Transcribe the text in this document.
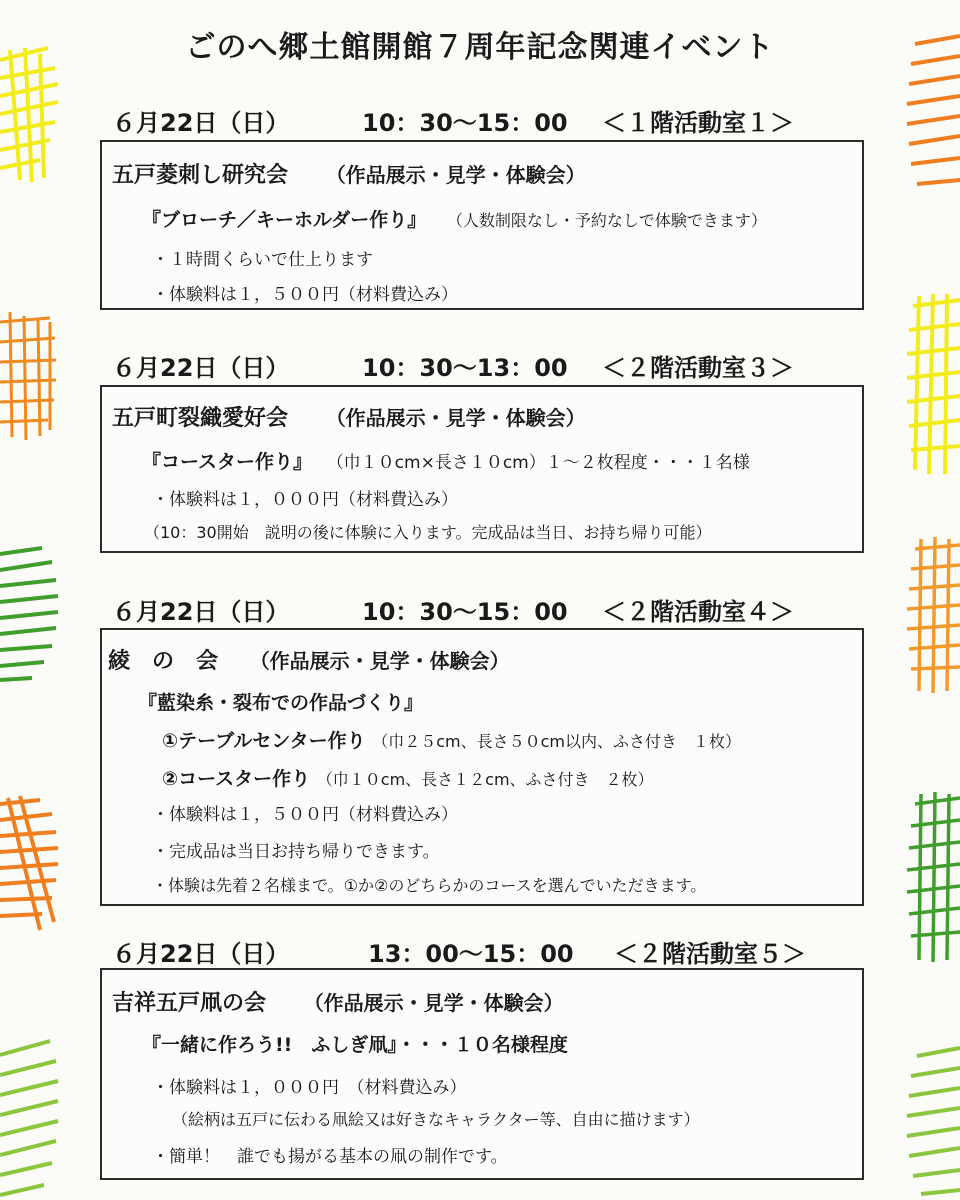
ごのへ郷土館開館７周年記念関連イベント
６月22日（日）	10：30〜15：00 ＜１階活動室１＞
五戸菱刺し研究会 （作品展示・見学・体験会）
『ブローチ／キーホルダー作り』 （人数制限なし・予約なしで体験できます）
・１時間くらいで仕上ります
・体験料は１，５００円（材料費込み）
６月22日（日）	10：30〜13：00 ＜２階活動室３＞
五戸町裂織愛好会 （作品展示・見学・体験会）
『コースター作り』 （巾１０cm×長さ１０cm）１〜２枚程度・・・１名様
・体験料は１，０００円（材料費込み）
（10：30開始　説明の後に体験に入ります。完成品は当日、お持ち帰り可能）
６月22日（日）	10：30〜15：00 ＜２階活動室４＞
綾　の　会 （作品展示・見学・体験会）
『藍染糸・裂布での作品づくり』
①テーブルセンター作り （巾２５cm、長さ５０cm以内、ふさ付き　１枚）
②コースター作り （巾１０cm、長さ１２cm、ふさ付き　２枚）
・体験料は１，５００円（材料費込み）
・完成品は当日お持ち帰りできます。
・体験は先着２名様まで。①か②のどちらかのコースを選んでいただきます。
６月22日（日）	13：00〜15：00 ＜２階活動室５＞
吉祥五戸凧の会 （作品展示・見学・体験会）
『一緒に作ろう!!　ふしぎ凧』・・・１０名様程度
・体験料は１，０００円　（材料費込み）
（絵柄は五戸に伝わる凧絵又は好きなキャラクター等、自由に描けます）
・簡単！　誰でも揚がる基本の凧の制作です。
